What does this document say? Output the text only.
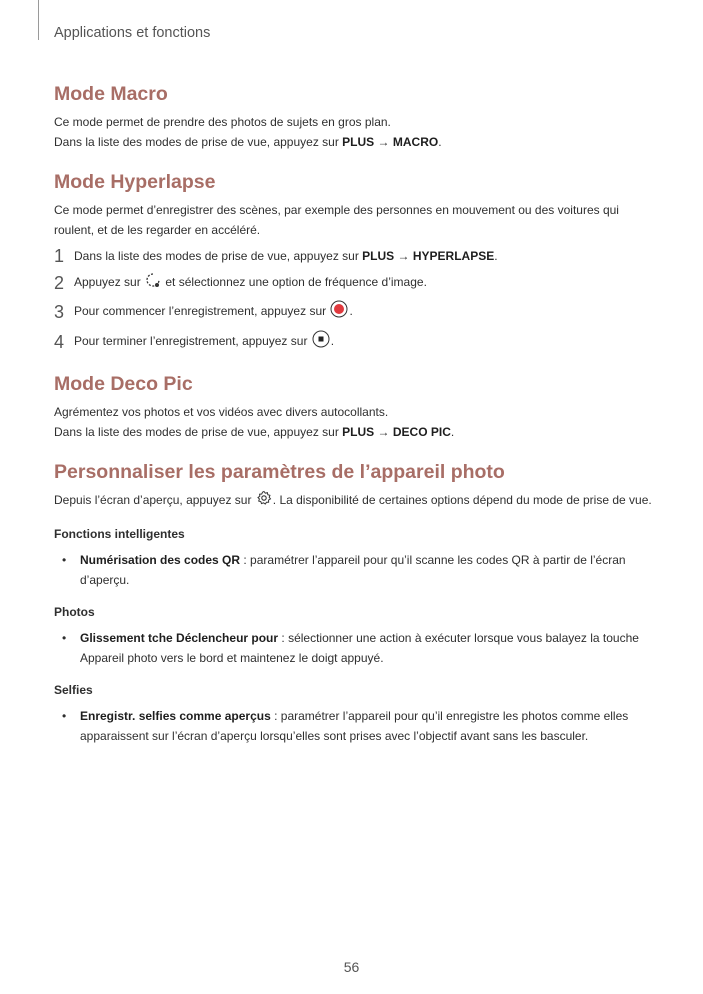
Applications et fonctions
Mode Macro

Ce mode permet de prendre des photos de sujets en gros plan.

Dans la liste des modes de prise de vue, appuyez sur PLUS → MACRO.

Mode Hyperlapse

Ce mode permet d’enregistrer des scènes, par exemple des personnes en mouvement ou des voitures qui roulent, et de les regarder en accéléré.

1 Dans la liste des modes de prise de vue, appuyez sur PLUS → HYPERLAPSE.
2 Appuyez sur  et sélectionnez une option de fréquence d’image.
3 Pour commencer l’enregistrement, appuyez sur .
4 Pour terminer l’enregistrement, appuyez sur .
Mode Deco Pic

Agrémentez vos photos et vos vidéos avec divers autocollants.

Dans la liste des modes de prise de vue, appuyez sur PLUS → DECO PIC.

Personnaliser les paramètres de l’appareil photo

Depuis l’écran d’aperçu, appuyez sur . La disponibilité de certaines options dépend du mode de prise de vue.

Fonctions intelligentes
•	Numérisation des codes QR : paramétrer l’appareil pour qu’il scanne les codes QR à partir de l’écran d’aperçu.
Photos
•	Glissement tche Déclencheur pour : sélectionner une action à exécuter lorsque vous balayez la touche Appareil photo vers le bord et maintenez le doigt appuyé.
Selfies
•	Enregistr. selfies comme aperçus : paramétrer l’appareil pour qu’il enregistre les photos comme elles apparaissent sur l’écran d’aperçu lorsqu’elles sont prises avec l’objectif avant sans les basculer.
56
